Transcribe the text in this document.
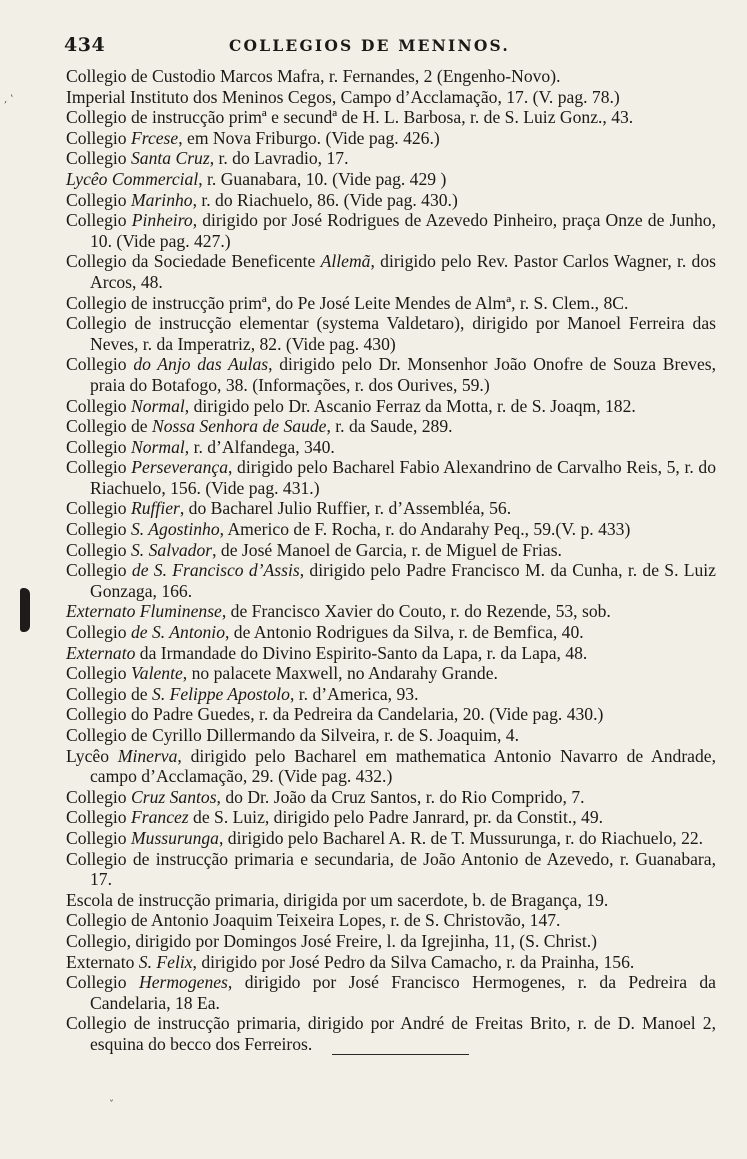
434	COLLEGIOS DE MENINOS.
‚ ‛
Collegio de Custodio Marcos Mafra, r. Fernandes, 2 (Engenho-Novo).
Imperial Instituto dos Meninos Cegos, Campo d’Acclamação, 17. (V. pag. 78.)
Collegio de instrucção primª e secundª de H. L. Barbosa, r. de S. Luiz Gonz., 43.
Collegio Frcese, em Nova Friburgo. (Vide pag. 426.)
Collegio Santa Cruz, r. do Lavradio, 17.
Lycêo Commercial, r. Guanabara, 10. (Vide pag. 429 )
Collegio Marinho, r. do Riachuelo, 86. (Vide pag. 430.)
Collegio Pinheiro, dirigido por José Rodrigues de Azevedo Pinheiro, praça Onze de Junho, 10. (Vide pag. 427.)
Collegio da Sociedade Beneficente Allemã, dirigido pelo Rev. Pastor Carlos Wagner, r. dos Arcos, 48.
Collegio de instrucção primª, do Pe José Leite Mendes de Almª, r. S. Clem., 8C.
Collegio de instrucção elementar (systema Valdetaro), dirigido por Manoel Ferreira das Neves, r. da Imperatriz, 82. (Vide pag. 430)
Collegio do Anjo das Aulas, dirigido pelo Dr. Monsenhor João Onofre de Souza Breves, praia do Botafogo, 38. (Informações, r. dos Ourives, 59.)
Collegio Normal, dirigido pelo Dr. Ascanio Ferraz da Motta, r. de S. Joaqm, 182.
Collegio de Nossa Senhora de Saude, r. da Saude, 289.
Collegio Normal, r. d’Alfandega, 340.
Collegio Perseverança, dirigido pelo Bacharel Fabio Alexandrino de Carvalho Reis, 5, r. do Riachuelo, 156. (Vide pag. 431.)
Collegio Ruffier, do Bacharel Julio Ruffier, r. d’Assembléa, 56.
Collegio S. Agostinho, Americo de F. Rocha, r. do Andarahy Peq., 59.(V. p. 433)
Collegio S. Salvador, de José Manoel de Garcia, r. de Miguel de Frias.
Collegio de S. Francisco d’Assis, dirigido pelo Padre Francisco M. da Cunha, r. de S. Luiz Gonzaga, 166.
Externato Fluminense, de Francisco Xavier do Couto, r. do Rezende, 53, sob.
Collegio de S. Antonio, de Antonio Rodrigues da Silva, r. de Bemfica, 40.
Externato da Irmandade do Divino Espirito-Santo da Lapa, r. da Lapa, 48.
Collegio Valente, no palacete Maxwell, no Andarahy Grande.
Collegio de S. Felippe Apostolo, r. d’America, 93.
Collegio do Padre Guedes, r. da Pedreira da Candelaria, 20. (Vide pag. 430.)
Collegio de Cyrillo Dillermando da Silveira, r. de S. Joaquim, 4.
Lycêo Minerva, dirigido pelo Bacharel em mathematica Antonio Navarro de Andrade, campo d’Acclamação, 29. (Vide pag. 432.)
Collegio Cruz Santos, do Dr. João da Cruz Santos, r. do Rio Comprido, 7.
Collegio Francez de S. Luiz, dirigido pelo Padre Janrard, pr. da Constit., 49.
Collegio Mussurunga, dirigido pelo Bacharel A. R. de T. Mussurunga, r. do Riachuelo, 22.
Collegio de instrucção primaria e secundaria, de João Antonio de Azevedo, r. Guanabara, 17.
Escola de instrucção primaria, dirigida por um sacerdote, b. de Bragança, 19.
Collegio de Antonio Joaquim Teixeira Lopes, r. de S. Christovão, 147.
Collegio, dirigido por Domingos José Freire, l. da Igrejinha, 11, (S. Christ.)
Externato S. Felix, dirigido por José Pedro da Silva Camacho, r. da Prainha, 156.
Collegio Hermogenes, dirigido por José Francisco Hermogenes, r. da Pedreira da Candelaria, 18 Ea.
Collegio de instrucção primaria, dirigido por André de Freitas Brito, r. de D. Manoel 2, esquina do becco dos Ferreiros.
ˇ
